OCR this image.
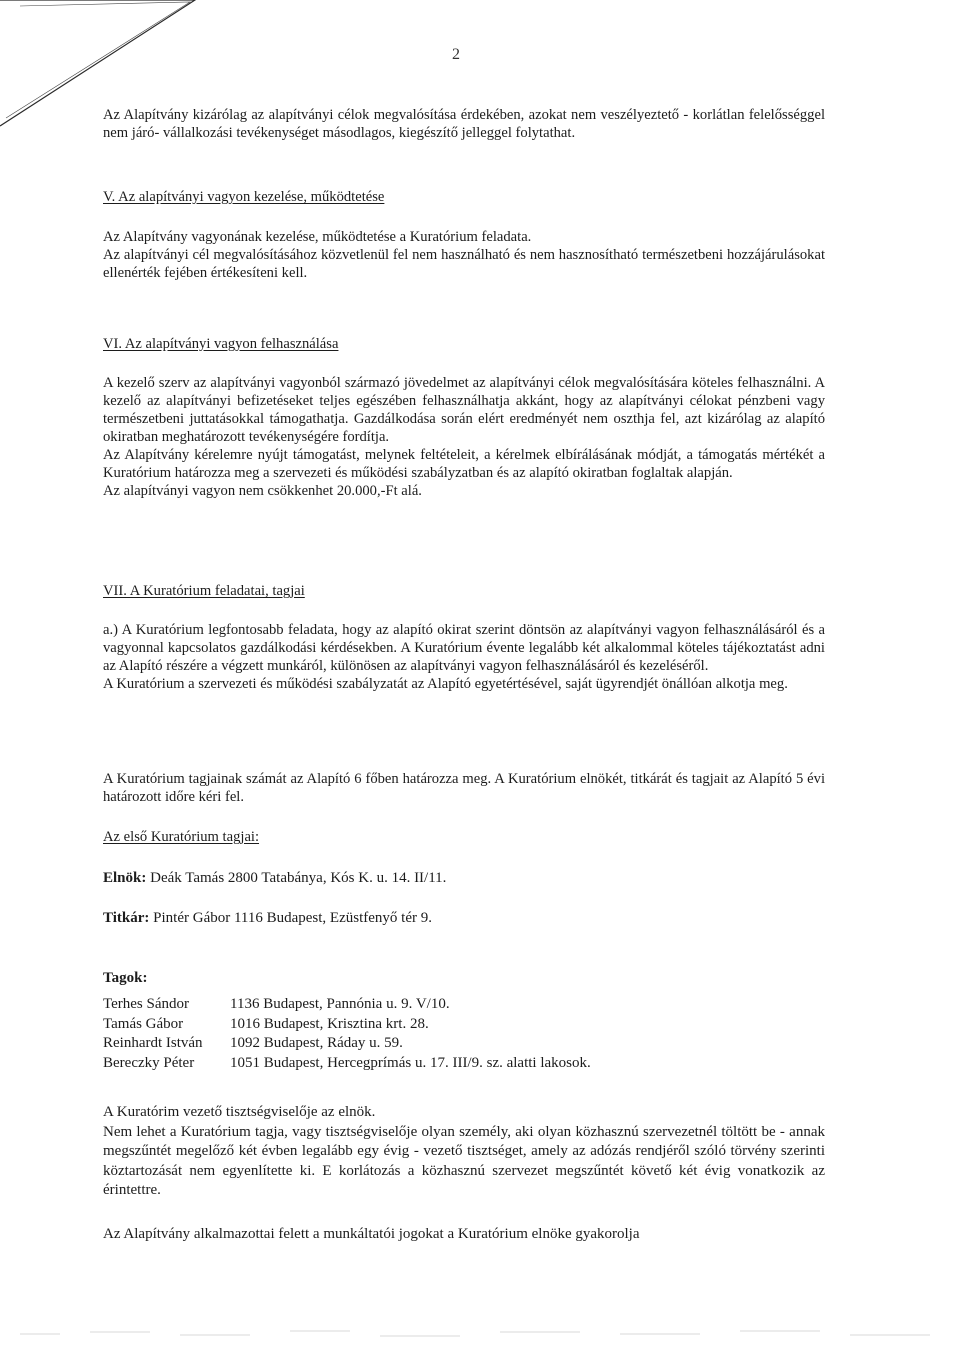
2
Az Alapítvány kizárólag az alapítványi célok megvalósítása érdekében, azokat nem veszélyeztető - korlátlan felelősséggel nem járó- vállalkozási tevékenységet másodlagos, kiegészítő jelleggel folytathat.
V. Az alapítványi vagyon kezelése, működtetése

Az Alapítvány vagyonának kezelése, működtetése a Kuratórium feladata.

Az alapítványi cél megvalósításához közvetlenül fel nem használható és nem hasznosítható természetbeni hozzájárulásokat ellenérték fejében értékesíteni kell.

VI. Az alapítványi vagyon felhasználása

A kezelő szerv az alapítványi vagyonból származó jövedelmet az alapítványi célok megvalósítására köteles felhasználni. A kezelő az alapítványi befizetéseket teljes egészében felhasználhatja akkánt, hogy az alapítványi célokat pénzbeni vagy természetbeni juttatásokkal támogathatja. Gazdálkodása során elért eredményét nem oszthja fel, azt kizárólag az alapító okiratban meghatározott tevékenységére fordítja.

Az Alapítvány kérelemre nyújt támogatást, melynek feltételeit, a kérelmek elbírálásának módját, a támogatás mértékét a Kuratórium határozza meg a szervezeti és működési szabályzatban és az alapító okiratban foglaltak alapján.

Az alapítványi vagyon nem csökkenhet 20.000,-Ft alá.

VII. A Kuratórium feladatai, tagjai

a.) A Kuratórium legfontosabb feladata, hogy az alapító okirat szerint döntsön az alapítványi vagyon felhasználásáról és a vagyonnal kapcsolatos gazdálkodási kérdésekben. A Kuratórium évente legalább két alkalommal köteles tájékoztatást adni az Alapító részére a végzett munkáról, különösen az alapítványi vagyon felhasználásáról és kezeléséről.

A Kuratórium a szervezeti és működési szabályzatát az Alapító egyetértésével, saját ügyrendjét önállóan alkotja meg.

A Kuratórium tagjainak számát az Alapító 6 főben határozza meg. A Kuratórium elnökét, titkárát és tagjait az Alapító 5 évi határozott időre kéri fel.
Az első Kuratórium tagjai:
Elnök: Deák Tamás 2800 Tatabánya, Kós K. u. 14. II/11.
Titkár: Pintér Gábor 1116 Budapest, Ezüstfenyő tér 9.
Tagok:
Terhes Sándor	1136 Budapest, Pannónia u. 9. V/10.
Tamás Gábor	1016 Budapest, Krisztina krt. 28.
Reinhardt István	1092 Budapest, Ráday u. 59.
Bereczky Péter	1051 Budapest, Hercegprímás u. 17. III/9. sz. alatti lakosok.

A Kuratórim vezető tisztségviselője az elnök.

Nem lehet a Kuratórium tagja, vagy tisztségviselője olyan személy, aki olyan közhasznú szervezetnél töltött be - annak megszűntét megelőző két évben legalább egy évig - vezető tisztséget, amely az adózás rendjéről szóló törvény szerinti köztartozását nem egyenlítette ki. E korlátozás a közhasznú szervezet megszűntét követő két évig vonatkozik az érintettre.

Az Alapítvány alkalmazottai felett a munkáltatói jogokat a Kuratórium elnöke gyakorolja
